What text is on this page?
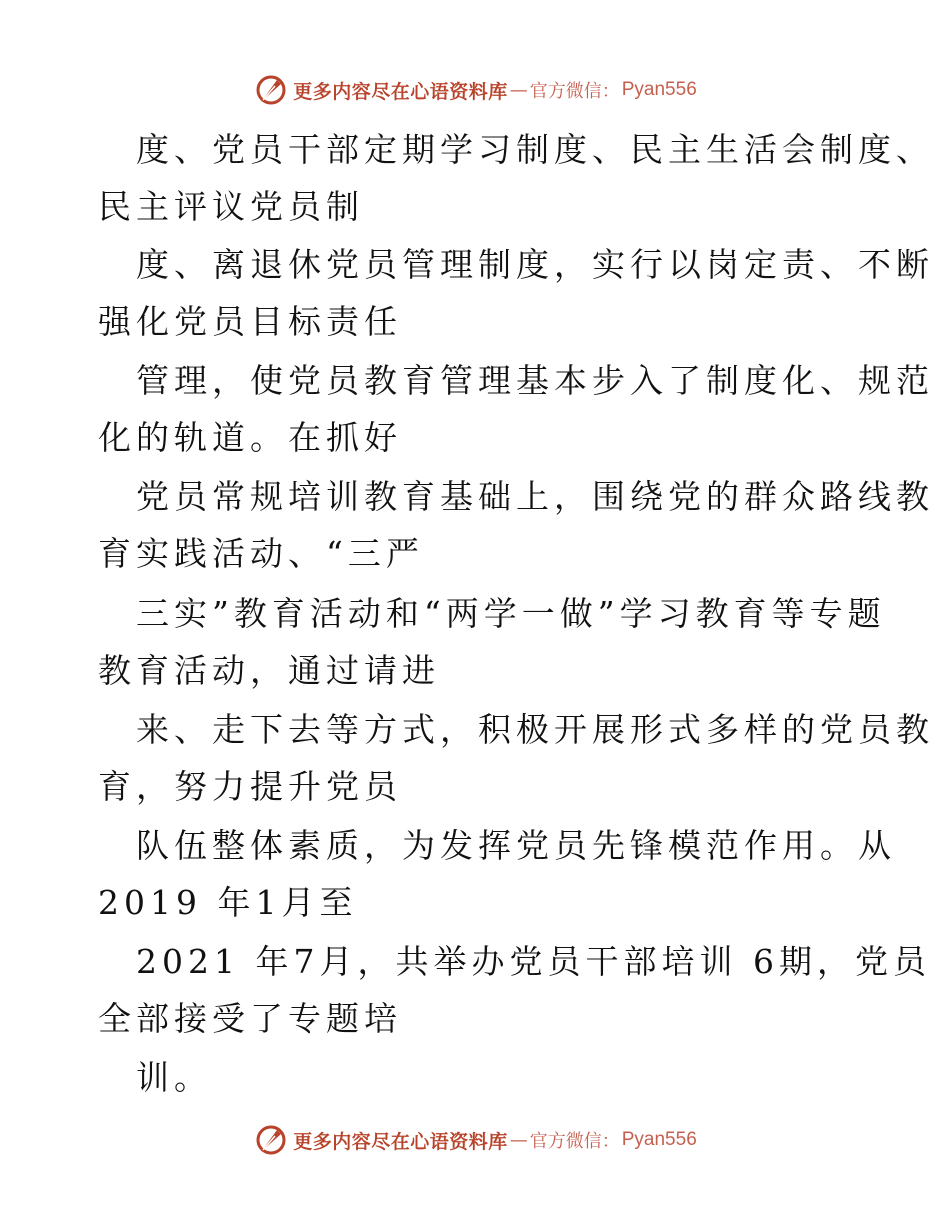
更多内容尽在心语资料库 — 官方微信： Pyan556
度、党员干部定期学习制度、民主生活会制度、
民主评议党员制
度、离退休党员管理制度，实行以岗定责、不断
强化党员目标责任
管理，使党员教育管理基本步入了制度化、规范
化的轨道。在抓好
党员常规培训教育基础上，围绕党的群众路线教
育实践活动、“三严
三实”教育活动和“两学一做”学习教育等专题
教育活动，通过请进
来、走下去等方式，积极开展形式多样的党员教
育，努力提升党员
队伍整体素质，为发挥党员先锋模范作用。从
2019 年1月至
2021 年7月，共举办党员干部培训 6期，党员
全部接受了专题培
训。
更多内容尽在心语资料库 — 官方微信： Pyan556
